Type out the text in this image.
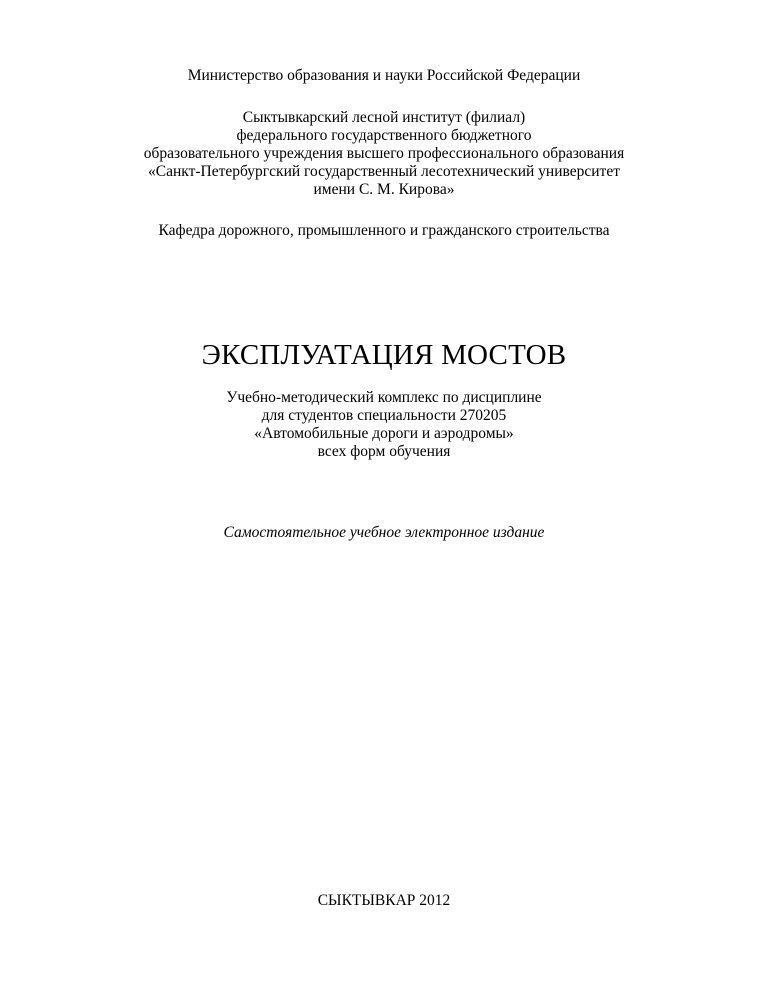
Министерство образования и науки Российской Федерации
Сыктывкарский лесной институт (филиал)
федерального государственного бюджетного
образовательного учреждения высшего профессионального образования
«Санкт-Петербургский государственный лесотехнический университет
имени С. М. Кирова»
Кафедра дорожного, промышленного и гражданского строительства
ЭКСПЛУАТАЦИЯ МОСТОВ
Учебно-методический комплекс по дисциплине
для студентов специальности 270205
«Автомобильные дороги и аэродромы»
всех форм обучения
Самостоятельное учебное электронное издание
СЫКТЫВКАР 2012
